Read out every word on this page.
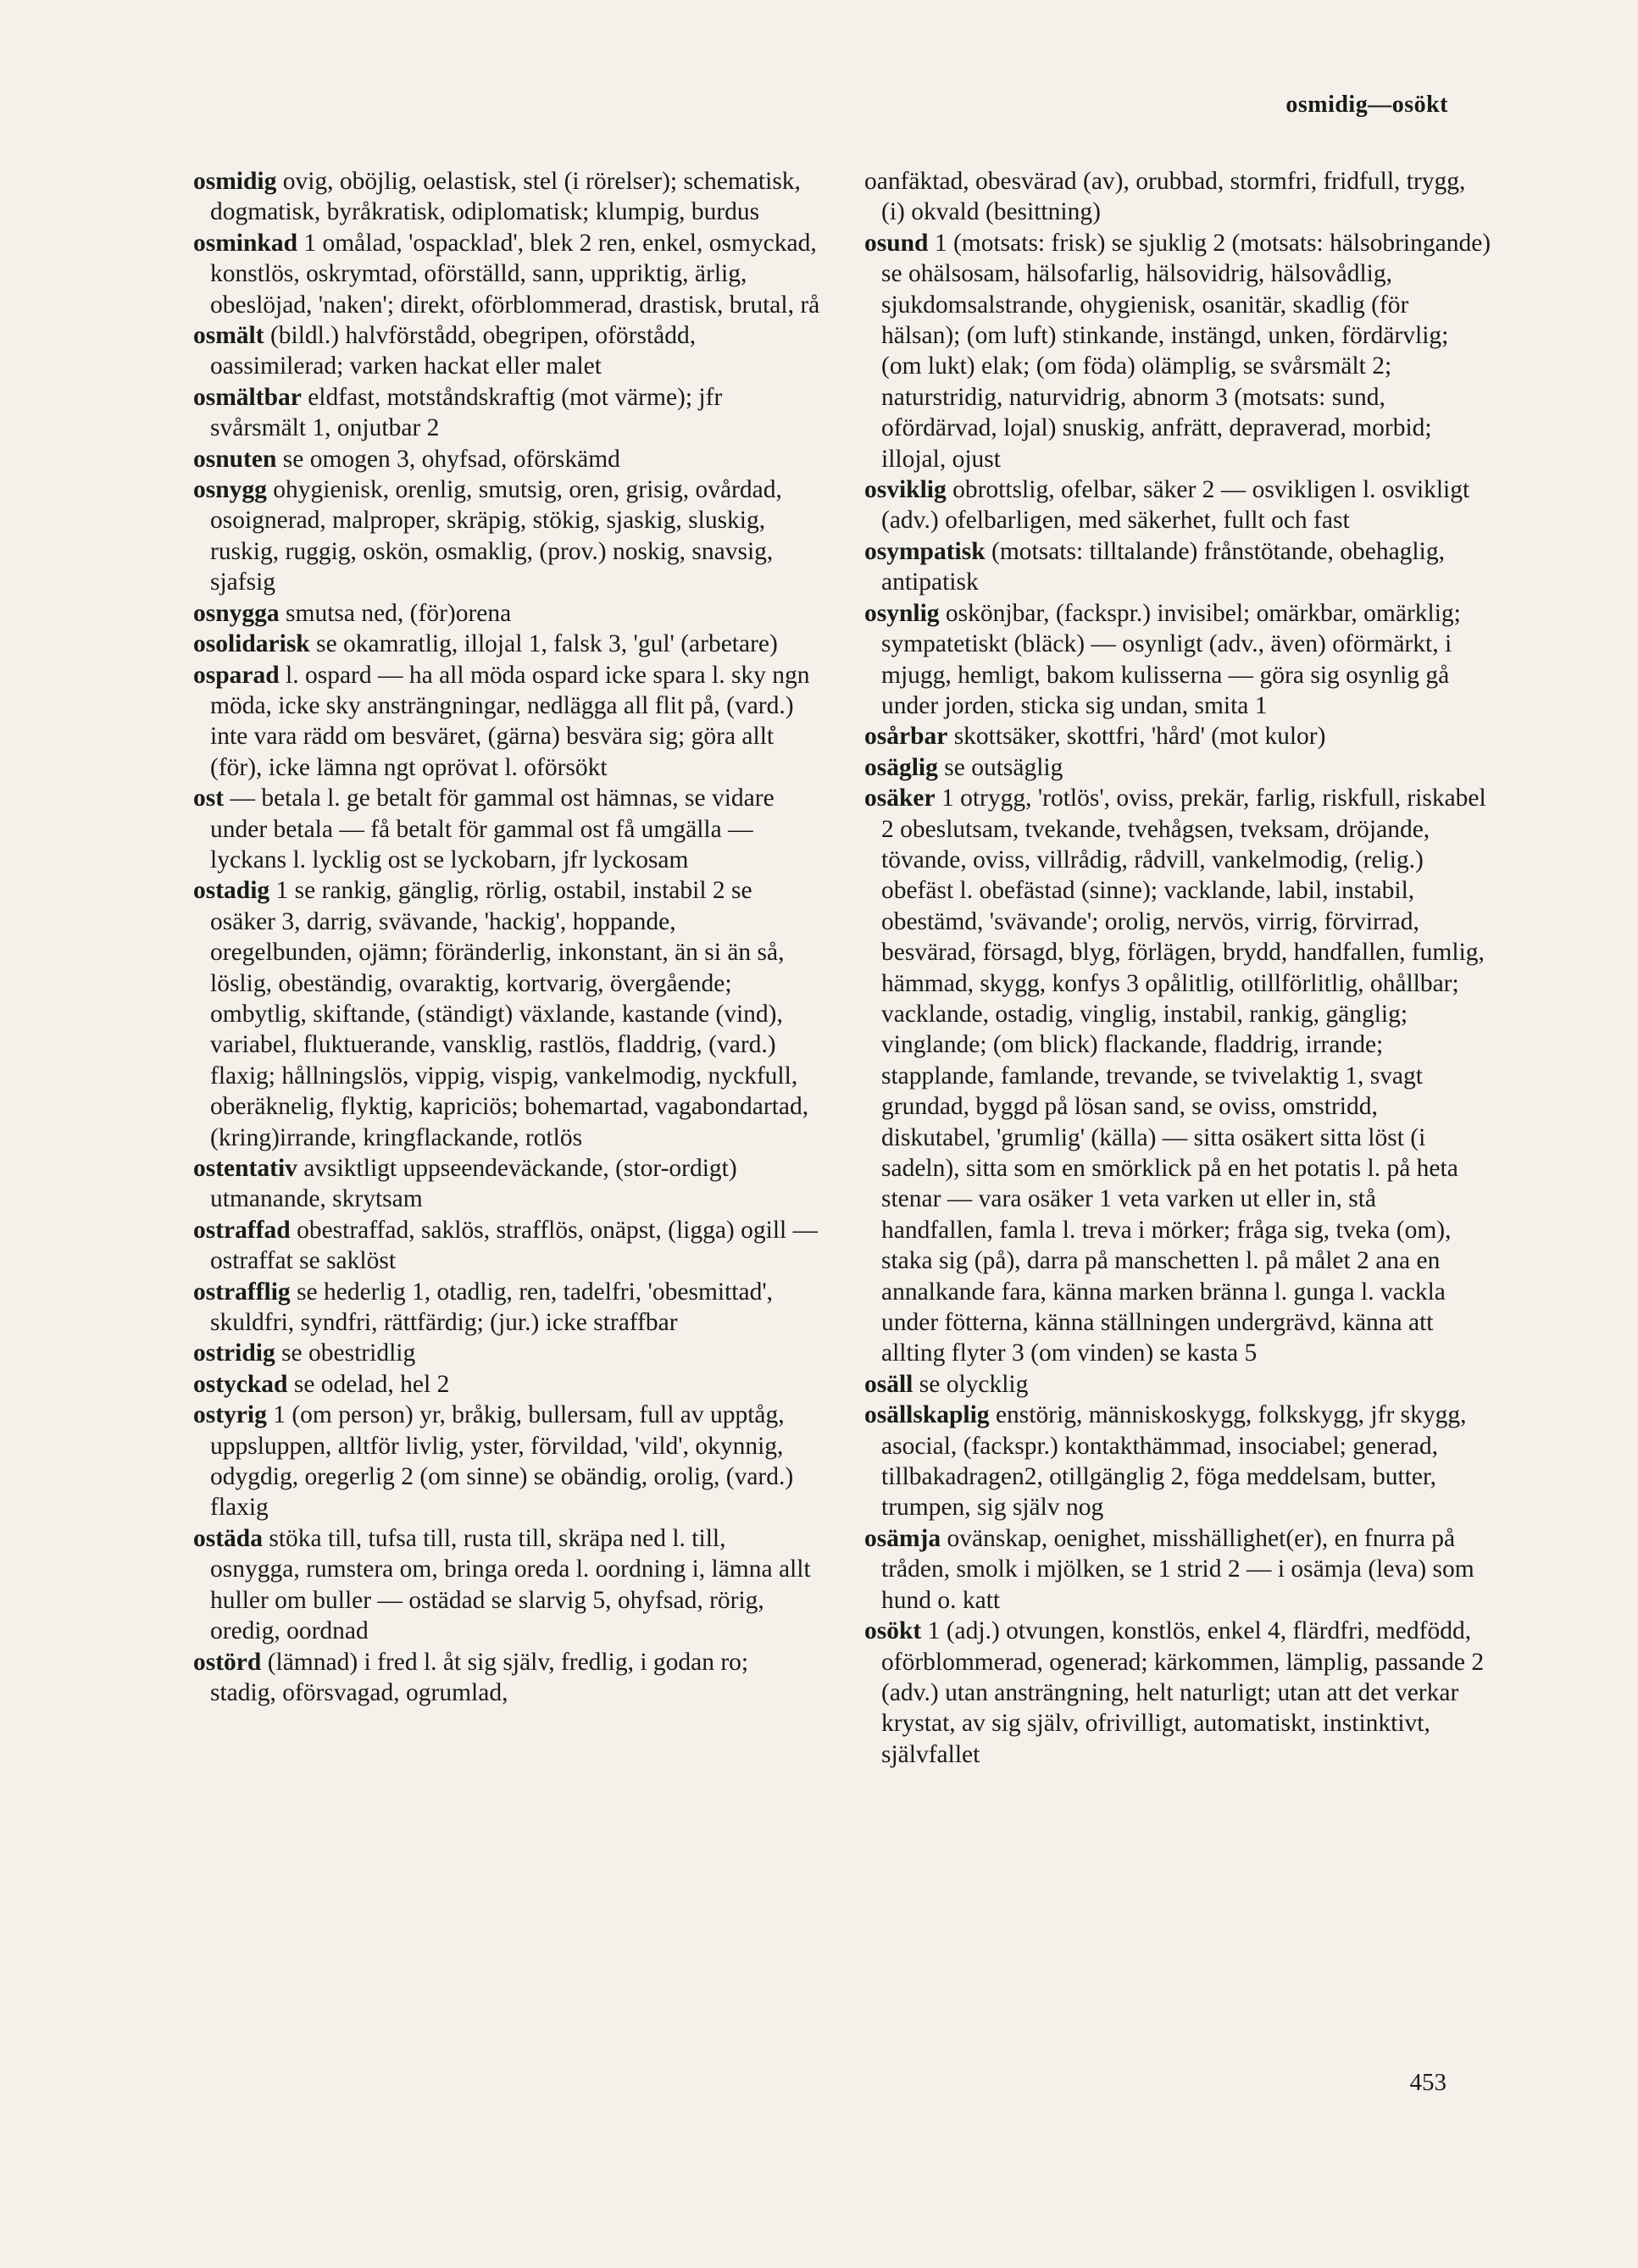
osmidig—osökt

osmidig ovig, oböjlig, oelastisk, stel (i rörelser); schematisk, dogmatisk, byråkratisk, odiplomatisk; klumpig, burdus

osminkad 1 omålad, 'ospacklad', blek 2 ren, enkel, osmyckad, konstlös, oskrymtad, oförställd, sann, uppriktig, ärlig, obeslöjad, 'naken'; direkt, oförblommerad, drastisk, brutal, rå

osmält (bildl.) halvförstådd, obegripen, oförstådd, oassimilerad; varken hackat eller malet

osmältbar eldfast, motståndskraftig (mot värme); jfr svårsmält 1, onjutbar 2

osnuten se omogen 3, ohyfsad, oförskämd

osnygg ohygienisk, orenlig, smutsig, oren, grisig, ovårdad, osoignerad, malproper, skräpig, stökig, sjaskig, sluskig, ruskig, ruggig, oskön, osmaklig, (prov.) noskig, snavsig, sjafsig

osnygga smutsa ned, (för)orena

osolidarisk se okamratlig, illojal 1, falsk 3, 'gul' (arbetare)

osparad l. ospard — ha all möda ospard icke spara l. sky ngn möda, icke sky ansträngningar, nedlägga all flit på, (vard.) inte vara rädd om besväret, (gärna) besvära sig; göra allt (för), icke lämna ngt oprövat l. oförsökt

ost — betala l. ge betalt för gammal ost hämnas, se vidare under betala — få betalt för gammal ost få umgälla — lyckans l. lycklig ost se lyckobarn, jfr lyckosam

ostadig 1 se rankig, gänglig, rörlig, ostabil, instabil 2 se osäker 3, darrig, svävande, 'hackig', hoppande, oregelbunden, ojämn; föränderlig, inkonstant, än si än så, löslig, obeständig, ovaraktig, kortvarig, övergående; ombytlig, skiftande, (ständigt) växlande, kastande (vind), variabel, fluktuerande, vansklig, rastlös, fladdrig, (vard.) flaxig; hållningslös, vippig, vispig, vankelmodig, nyckfull, oberäknelig, flyktig, kapriciös; bohemartad, vagabondartad, (kring)irrande, kringflackande, rotlös

ostentativ avsiktligt uppseendeväckande, (stor-ordigt) utmanande, skrytsam

ostraffad obestraffad, saklös, strafflös, onäpst, (ligga) ogill — ostraffat se saklöst

ostrafflig se hederlig 1, otadlig, ren, tadelfri, 'obesmittad', skuldfri, syndfri, rättfärdig; (jur.) icke straffbar

ostridig se obestridlig

ostyckad se odelad, hel 2

ostyrig 1 (om person) yr, bråkig, bullersam, full av upptåg, uppsluppen, alltför livlig, yster, förvildad, 'vild', okynnig, odygdig, oregerlig 2 (om sinne) se obändig, orolig, (vard.) flaxig

ostäda stöka till, tufsa till, rusta till, skräpa ned l. till, osnygga, rumstera om, bringa oreda l. oordning i, lämna allt huller om buller — ostädad se slarvig 5, ohyfsad, rörig, oredig, oordnad

ostörd (lämnad) i fred l. åt sig själv, fredlig, i godan ro; stadig, oförsvagad, ogrumlad,

oanfäktad, obesvärad (av), orubbad, stormfri, fridfull, trygg, (i) okvald (besittning)

osund 1 (motsats: frisk) se sjuklig 2 (motsats: hälsobringande) se ohälsosam, hälsofarlig, hälsovidrig, hälsovådlig, sjukdomsalstrande, ohygienisk, osanitär, skadlig (för hälsan); (om luft) stinkande, instängd, unken, fördärvlig; (om lukt) elak; (om föda) olämplig, se svårsmält 2; naturstridig, naturvidrig, abnorm 3 (motsats: sund, ofördärvad, lojal) snuskig, anfrätt, depraverad, morbid; illojal, ojust

osviklig obrottslig, ofelbar, säker 2 — osvikligen l. osvikligt (adv.) ofelbarligen, med säkerhet, fullt och fast

osympatisk (motsats: tilltalande) frånstötande, obehaglig, antipatisk

osynlig oskönjbar, (fackspr.) invisibel; omärkbar, omärklig; sympatetiskt (bläck) — osynligt (adv., även) oförmärkt, i mjugg, hemligt, bakom kulisserna — göra sig osynlig gå under jorden, sticka sig undan, smita 1

osårbar skottsäker, skottfri, 'hård' (mot kulor)

osäglig se outsäglig

osäker 1 otrygg, 'rotlös', oviss, prekär, farlig, riskfull, riskabel 2 obeslutsam, tvekande, tvehågsen, tveksam, dröjande, tövande, oviss, villrådig, rådvill, vankelmodig, (relig.) obefäst l. obefästad (sinne); vacklande, labil, instabil, obestämd, 'svävande'; orolig, nervös, virrig, förvirrad, besvärad, försagd, blyg, förlägen, brydd, handfallen, fumlig, hämmad, skygg, konfys 3 opålitlig, otillförlitlig, ohållbar; vacklande, ostadig, vinglig, instabil, rankig, gänglig; vinglande; (om blick) flackande, fladdrig, irrande; stapplande, famlande, trevande, se tvivelaktig 1, svagt grundad, byggd på lösan sand, se oviss, omstridd, diskutabel, 'grumlig' (källa) — sitta osäkert sitta löst (i sadeln), sitta som en smörklick på en het potatis l. på heta stenar — vara osäker 1 veta varken ut eller in, stå handfallen, famla l. treva i mörker; fråga sig, tveka (om), staka sig (på), darra på manschetten l. på målet 2 ana en annalkande fara, känna marken bränna l. gunga l. vackla under fötterna, känna ställningen undergrävd, känna att allting flyter 3 (om vinden) se kasta 5

osäll se olycklig

osällskaplig enstörig, människoskygg, folkskygg, jfr skygg, asocial, (fackspr.) kontakthämmad, insociabel; generad, tillbakadragen2, otillgänglig 2, föga meddelsam, butter, trumpen, sig själv nog

osämja ovänskap, oenighet, misshällighet(er), en fnurra på tråden, smolk i mjölken, se 1 strid 2 — i osämja (leva) som hund o. katt

osökt 1 (adj.) otvungen, konstlös, enkel 4, flärdfri, medfödd, oförblommerad, ogenerad; kärkommen, lämplig, passande 2 (adv.) utan ansträngning, helt naturligt; utan att det verkar krystat, av sig själv, ofrivilligt, automatiskt, instinktivt, självfallet

453
